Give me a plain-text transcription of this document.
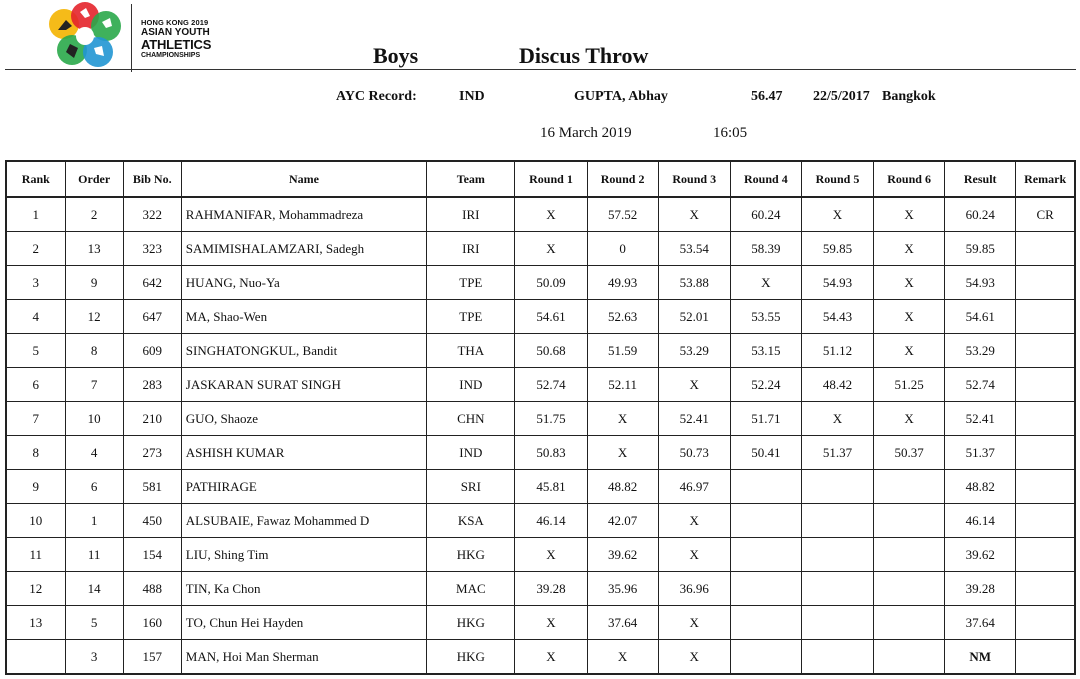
HONG KONG 2019
ASIAN YOUTH
ATHLETICS
CHAMPIONSHIPS	Boys	Discus Throw
AYC Record:	IND	GUPTA, Abhay	56.47 22/5/2017 Bangkok
16 March 2019	16:05
Rank	Order	Bib No.	Name	Team	Round 1	Round 2	Round 3	Round 4	Round 5	Round 6	Result	Remark
1	2	322	RAHMANIFAR, Mohammadreza	IRI	X	57.52	X	60.24	X	X	60.24	CR
2	13	323	SAMIMISHALAMZARI, Sadegh	IRI	X	0	53.54	58.39	59.85	X	59.85	
3	9	642	HUANG, Nuo-Ya	TPE	50.09	49.93	53.88	X	54.93	X	54.93	
4	12	647	MA, Shao-Wen	TPE	54.61	52.63	52.01	53.55	54.43	X	54.61	
5	8	609	SINGHATONGKUL, Bandit	THA	50.68	51.59	53.29	53.15	51.12	X	53.29	
6	7	283	JASKARAN SURAT SINGH	IND	52.74	52.11	X	52.24	48.42	51.25	52.74	
7	10	210	GUO, Shaoze	CHN	51.75	X	52.41	51.71	X	X	52.41	
8	4	273	ASHISH KUMAR	IND	50.83	X	50.73	50.41	51.37	50.37	51.37	
9	6	581	PATHIRAGE	SRI	45.81	48.82	46.97				48.82	
10	1	450	ALSUBAIE, Fawaz Mohammed D	KSA	46.14	42.07	X				46.14	
11	11	154	LIU, Shing Tim	HKG	X	39.62	X				39.62	
12	14	488	TIN, Ka Chon	MAC	39.28	35.96	36.96				39.28	
13	5	160	TO, Chun Hei Hayden	HKG	X	37.64	X				37.64	
	3	157	MAN, Hoi Man Sherman	HKG	X	X	X				NM	
